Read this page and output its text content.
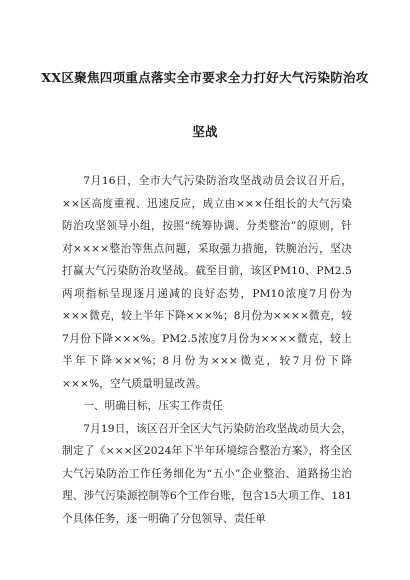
XX区聚焦四项重点落实全市要求全力打好大气污染防治攻
坚战

7月16日，全市大气污染防治攻坚战动员会议召开后，××区高度重视、迅速反应，成立由×××任组长的大气污染防治攻坚领导小组，按照“统筹协调、分类整治”的原则，针对××××整治等焦点问题，采取强力措施，铁腕治污，坚决打赢大气污染防治攻坚战。截至目前，该区PM10、PM2.5两项指标呈现逐月递减的良好态势，PM10浓度7月份为×××微克，较上半年下降×××%；8月份为××××微克，较7月份下降×××%。PM2.5浓度7月份为××××微克，较上半年下降×××%；8月份为×××微克，较7月份下降×××%，空气质量明显改善。

一、明确目标，压实工作责任

7月19日，该区召开全区大气污染防治攻坚战动员大会，制定了《×××区2024年下半年环境综合整治方案》，将全区大气污染防治工作任务细化为“五小”企业整治、道路扬尘治理、涉气污染源控制等6个工作台账，包含15大项工作、181个具体任务，逐一明确了分包领导、责任单
